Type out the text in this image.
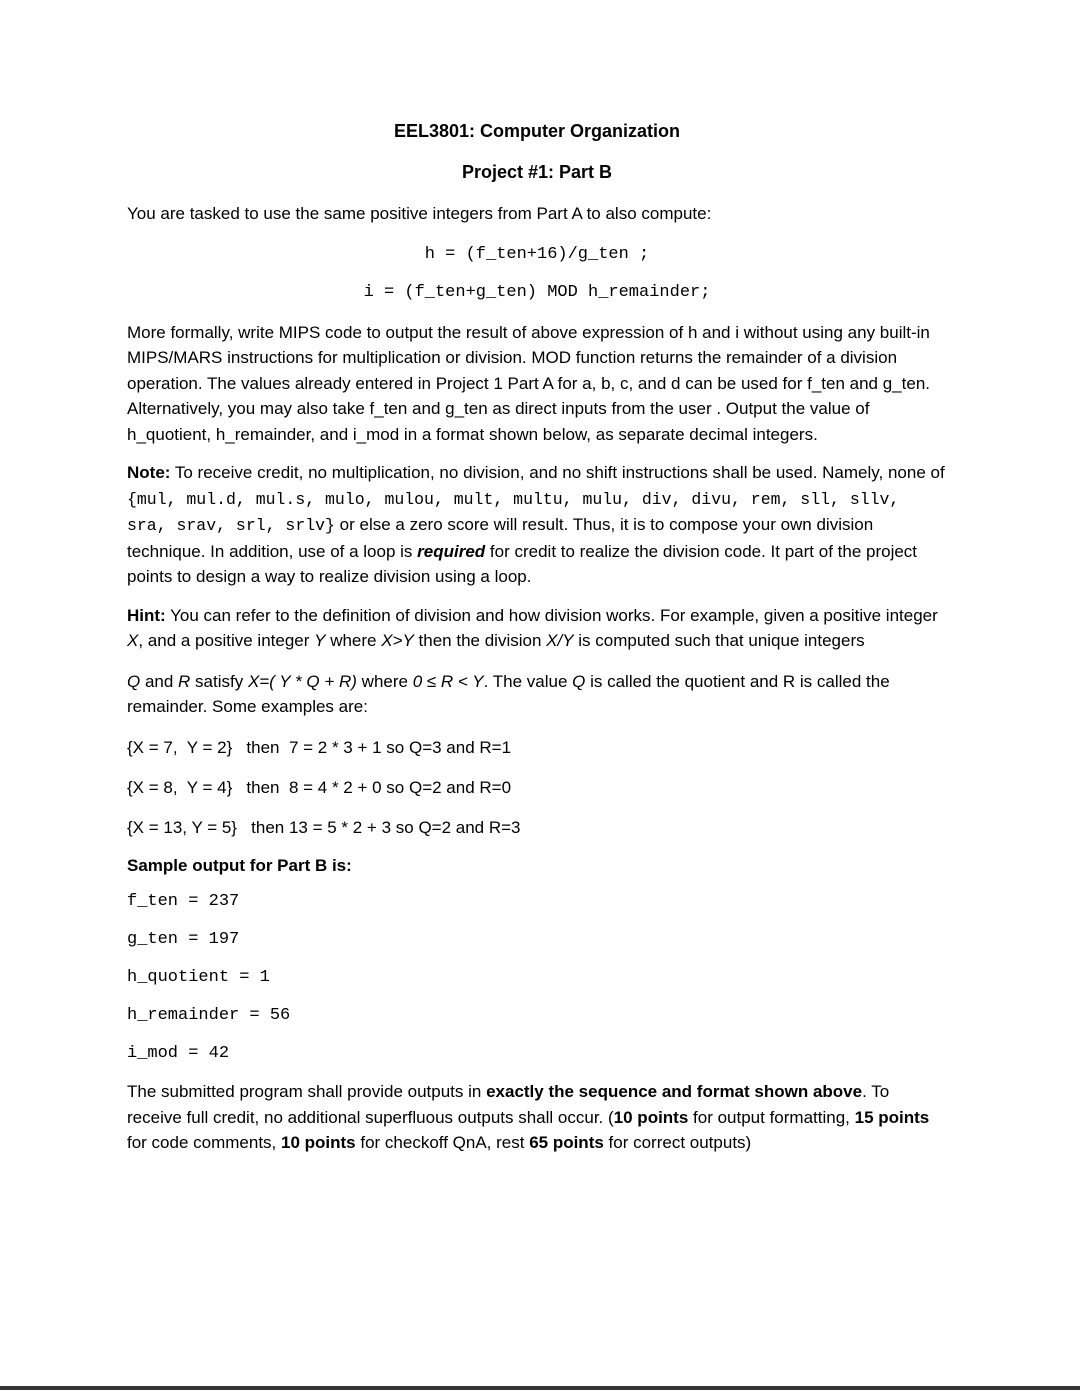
EEL3801: Computer Organization
Project #1: Part B

You are tasked to use the same positive integers from Part A to also compute:

h = (f_ten+16)/g_ten ;
i = (f_ten+g_ten) MOD h_remainder;

More formally, write MIPS code to output the result of above expression of h and i without using any built-in MIPS/MARS instructions for multiplication or division. MOD function returns the remainder of a division operation. The values already entered in Project 1 Part A for a, b, c, and d can be used for f_ten and g_ten. Alternatively, you may also take f_ten and g_ten as direct inputs from the user . Output the value of h_quotient, h_remainder, and i_mod in a format shown below, as separate decimal integers.

Note: To receive credit, no multiplication, no division, and no shift instructions shall be used. Namely, none of {mul, mul.d, mul.s, mulo, mulou, mult, multu, mulu, div, divu, rem, sll, sllv, sra, srav, srl, srlv} or else a zero score will result. Thus, it is to compose your own division technique. In addition, use of a loop is required for credit to realize the division code. It part of the project points to design a way to realize division using a loop.

Hint: You can refer to the definition of division and how division works. For example, given a positive integer X, and a positive integer Y where X>Y then the division X/Y is computed such that unique integers

Q and R satisfy X=( Y * Q + R) where 0 ≤ R < Y. The value Q is called the quotient and R is called the remainder. Some examples are:

{X = 7,  Y = 2}   then  7 = 2 * 3 + 1 so Q=3 and R=1
{X = 8,  Y = 4}   then  8 = 4 * 2 + 0 so Q=2 and R=0
{X = 13, Y = 5}   then 13 = 5 * 2 + 3 so Q=2 and R=3

Sample output for Part B is:

f_ten = 237
g_ten = 197
h_quotient = 1
h_remainder = 56
i_mod = 42

The submitted program shall provide outputs in exactly the sequence and format shown above. To receive full credit, no additional superfluous outputs shall occur. (10 points for output formatting, 15 points for code comments, 10 points for checkoff QnA, rest 65 points for correct outputs)
